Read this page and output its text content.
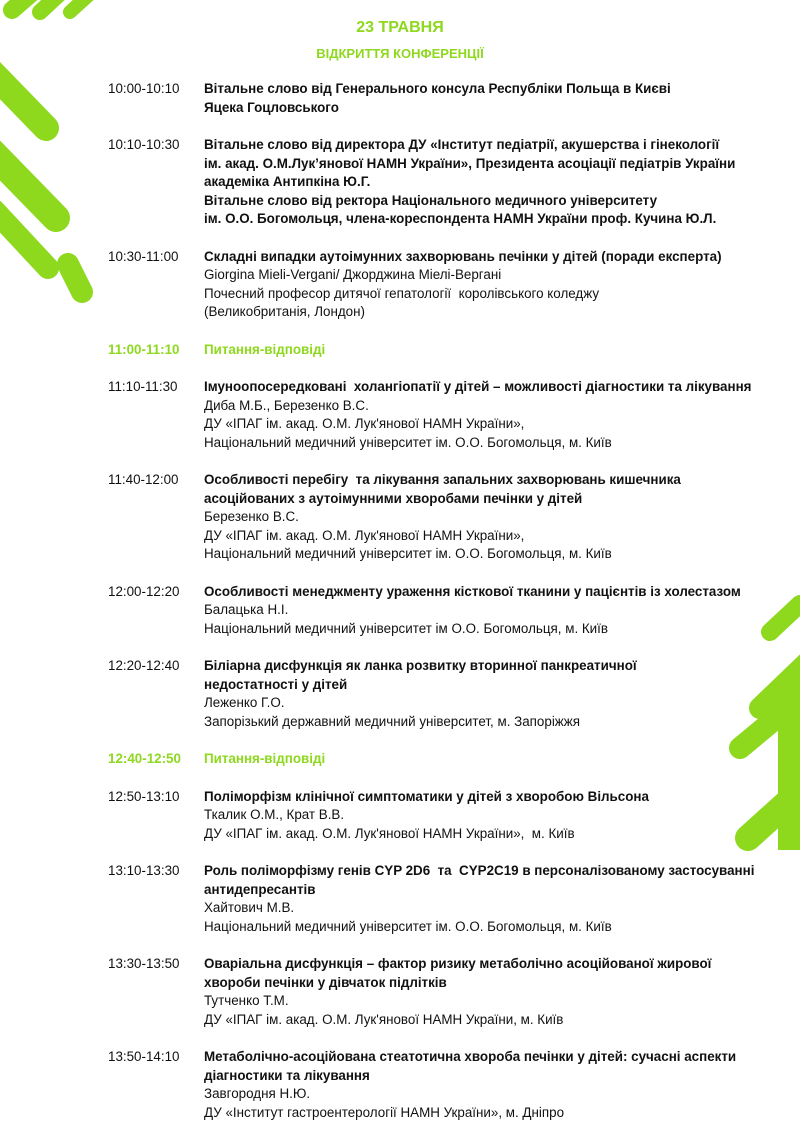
23 ТРАВНЯ
ВІДКРИТТЯ КОНФЕРЕНЦІЇ
10:00-10:10	Вітальне слово від Генерального консула Республіки Польща в Києві
Яцека Гоцловського
10:10-10:30	Вітальне слово від директора ДУ «Інститут педіатрії, акушерства і гінекології
ім. акад. О.М.Лук’янової НАМН України», Президента асоціації педіатрів України
академіка Антипкіна Ю.Г.
Вітальне слово від ректора Національного медичного університету
ім. О.О. Богомольця, члена-кореспондента НАМН України проф. Кучина Ю.Л.
10:30-11:00	Складні випадки аутоімунних захворювань печінки у дітей (поради експерта)
Giorgina Mieli-Vergani/ Джорджина Міелі-Вергані
Почесний професор дитячої гепатології  королівського коледжу
(Великобританія, Лондон)
11:00-11:10	Питання-відповіді
11:10-11:30	Імуноопосередковані  холангіопатії у дітей – можливості діагностики та лікування
Диба М.Б., Березенко В.С.
ДУ «ІПАГ ім. акад. О.М. Лук'янової НАМН України»,
Національний медичний університет ім. О.О. Богомольця, м. Київ
11:40-12:00	Особливості перебігу  та лікування запальних захворювань кишечника
асоційованих з аутоімунними хворобами печінки у дітей
Березенко В.С.
ДУ «ІПАГ ім. акад. О.М. Лук'янової НАМН України»,
Національний медичний університет ім. О.О. Богомольця, м. Київ
12:00-12:20	Особливості менеджменту ураження кісткової тканини у пацієнтів із холестазом
Балацька Н.І.
Національний медичний університет ім О.О. Богомольця, м. Київ
12:20-12:40	Біліарна дисфункція як ланка розвитку вторинної панкреатичної
недостатності у дітей
Леженко Г.О.
Запорізький державний медичний університет, м. Запоріжжя
12:40-12:50	Питання-відповіді
12:50-13:10	Поліморфізм клінічної симптоматики у дітей з хворобою Вільсона
Ткалик О.М., Крат В.В.
ДУ «ІПАГ ім. акад. О.М. Лук'янової НАМН України»,  м. Київ
13:10-13:30	Роль поліморфізму генів CYP 2D6  та  CYP2C19 в персоналізованому застосуванні
антидепресантів
Хайтович М.В.
Національний медичний університет ім. О.О. Богомольця, м. Київ
13:30-13:50	Оваріальна дисфункція – фактор ризику метаболічно асоційованої жирової
хвороби печінки у дівчаток підлітків
Тутченко Т.М.
ДУ «ІПАГ ім. акад. О.М. Лук'янової НАМН України, м. Київ
13:50-14:10	Метаболічно-асоційована стеатотична хвороба печінки у дітей: сучасні аспекти
діагностики та лікування
Завгородня Н.Ю.
ДУ «Інститут гастроентерології НАМН України», м. Дніпро
